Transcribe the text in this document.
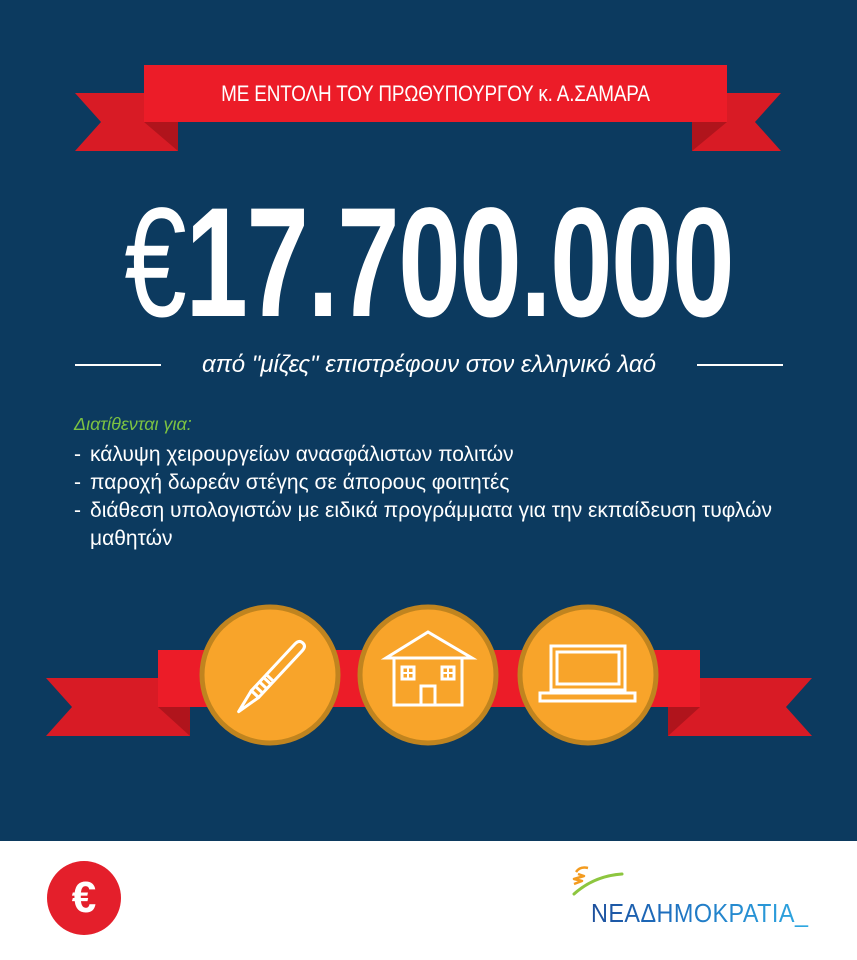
ΜΕ ΕΝΤΟΛΗ ΤΟΥ ΠΡΩΘΥΠΟΥΡΓΟΥ κ. Α.ΣΑΜΑΡΑ
€17.700.000
από "μίζες" επιστρέφουν στον ελληνικό λαό
Διατίθενται για:
- κάλυψη χειρουργείων ανασφάλιστων πολιτών
- παροχή δωρεάν στέγης σε άπορους φοιτητές
- διάθεση υπολογιστών με ειδικά προγράμματα για την εκπαίδευση τυφλών μαθητών
€	ΝΕΑΔΗΜΟΚΡΑΤΙΑ_
